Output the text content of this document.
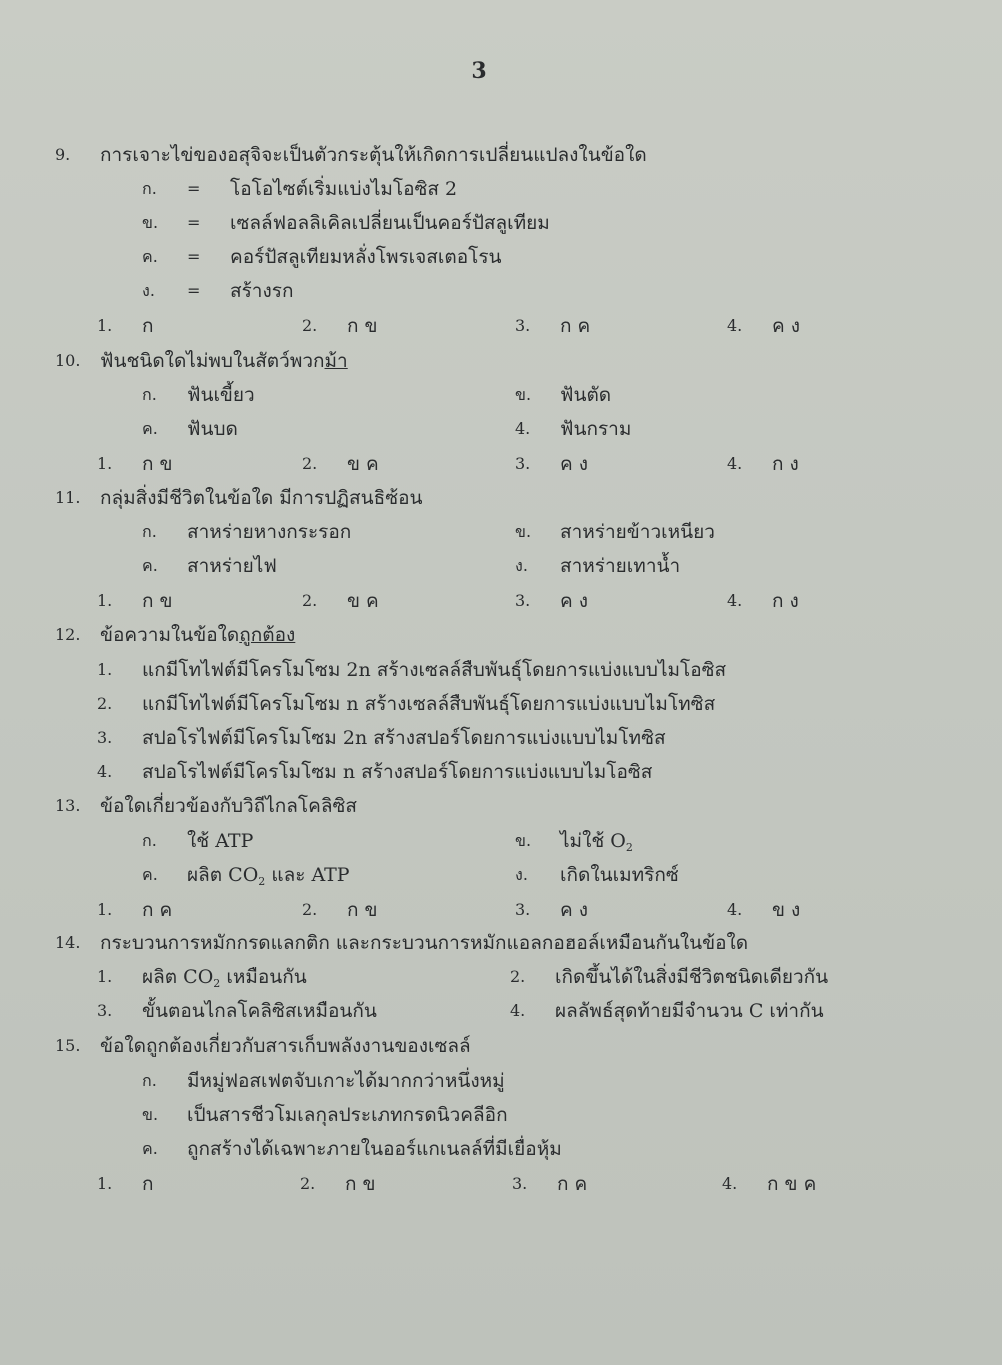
3
9. การเจาะไข่ของอสุจิจะเป็นตัวกระตุ้นให้เกิดการเปลี่ยนแปลงในข้อใด
ก. = โอโอไซต์เริ่มแบ่งไมโอซิส 2
ข. = เซลล์ฟอลลิเคิลเปลี่ยนเป็นคอร์ปัสลูเทียม
ค. = คอร์ปัสลูเทียมหลั่งโพรเจสเตอโรน
ง. = สร้างรก
1. ก	2. ก ข	3. ก ค	4. ค ง
10. ฟันชนิดใดไม่พบในสัตว์พวกม้า
ก. ฟันเขี้ยว	ข. ฟันตัด
ค. ฟันบด	4. ฟันกราม
1. ก ข	2. ข ค	3. ค ง	4. ก ง
11. กลุ่มสิ่งมีชีวิตในข้อใด มีการปฏิสนธิซ้อน
ก. สาหร่ายหางกระรอก	ข. สาหร่ายข้าวเหนียว
ค. สาหร่ายไฟ	ง. สาหร่ายเทาน้ำ
1. ก ข	2. ข ค	3. ค ง	4. ก ง
12. ข้อความในข้อใดถูกต้อง
1. แกมีโทไฟต์มีโครโมโซม 2n สร้างเซลล์สืบพันธุ์โดยการแบ่งแบบไมโอซิส
2. แกมีโทไฟต์มีโครโมโซม n สร้างเซลล์สืบพันธุ์โดยการแบ่งแบบไมโทซิส
3. สปอโรไฟต์มีโครโมโซม 2n สร้างสปอร์โดยการแบ่งแบบไมโทซิส
4. สปอโรไฟต์มีโครโมโซม n สร้างสปอร์โดยการแบ่งแบบไมโอซิส
13. ข้อใดเกี่ยวข้องกับวิถีไกลโคลิซิส
ก. ใช้ ATP	ข. ไม่ใช้ $O_2$
ค. ผลิต $CO_2$ และ ATP	ง. เกิดในเมทริกซ์
1. ก ค	2. ก ข	3. ค ง	4. ข ง
14. กระบวนการหมักกรดแลกติก และกระบวนการหมักแอลกอฮอล์เหมือนกันในข้อใด
1. ผลิต $CO_2$ เหมือนกัน	2. เกิดขึ้นได้ในสิ่งมีชีวิตชนิดเดียวกัน
3. ขั้นตอนไกลโคลิซิสเหมือนกัน	4. ผลลัพธ์สุดท้ายมีจำนวน C เท่ากัน
15. ข้อใดถูกต้องเกี่ยวกับสารเก็บพลังงานของเซลล์
ก. มีหมู่ฟอสเฟตจับเกาะได้มากกว่าหนึ่งหมู่
ข. เป็นสารชีวโมเลกุลประเภทกรดนิวคลีอิก
ค. ถูกสร้างได้เฉพาะภายในออร์แกเนลล์ที่มีเยื่อหุ้ม
1. ก	2. ก ข	3. ก ค	4. ก ข ค
